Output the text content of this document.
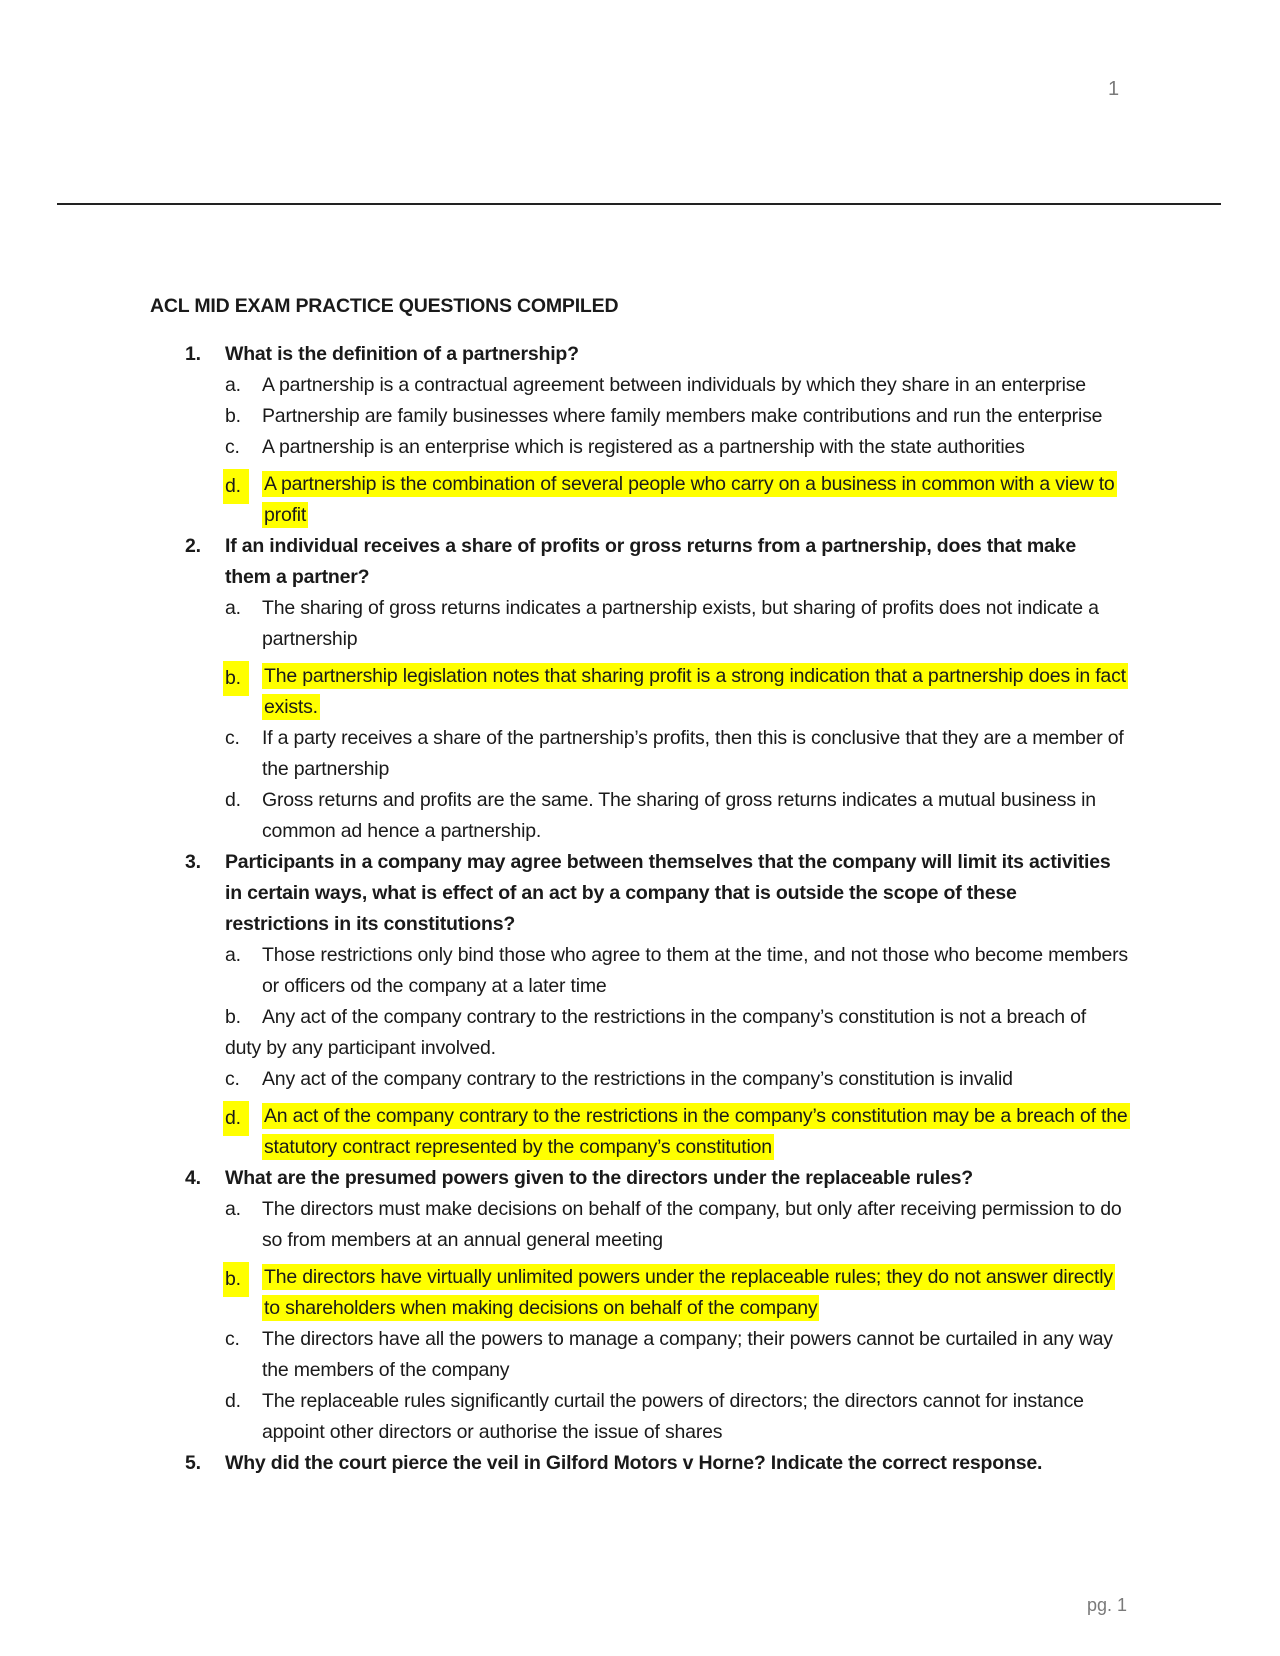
1
ACL MID EXAM PRACTICE QUESTIONS COMPILED
1. What is the definition of a partnership?
a. A partnership is a contractual agreement between individuals by which they share in an enterprise
b. Partnership are family businesses where family members make contributions and run the enterprise
c. A partnership is an enterprise which is registered as a partnership with the state authorities
d.	A partnership is the combination of several people who carry on a business in common with a view to profit
2. If an individual receives a share of profits or gross returns from a partnership, does that make them a partner?
a. The sharing of gross returns indicates a partnership exists, but sharing of profits does not indicate a partnership
b.	The partnership legislation notes that sharing profit is a strong indication that a partnership does in fact exists.
c. If a party receives a share of the partnership’s profits, then this is conclusive that they are a member of the partnership
d. Gross returns and profits are the same. The sharing of gross returns indicates a mutual business in common ad hence a partnership.
3. Participants in a company may agree between themselves that the company will limit its activities in certain ways, what is effect of an act by a company that is outside the scope of these restrictions in its constitutions?
a. Those restrictions only bind those who agree to them at the time, and not those who become members or officers od the company at a later time
b. Any act of the company contrary to the restrictions in the company’s constitution is not a breach of duty by any participant involved.
c. Any act of the company contrary to the restrictions in the company’s constitution is invalid
d.	An act of the company contrary to the restrictions in the company’s constitution may be a breach of the statutory contract represented by the company’s constitution
4. What are the presumed powers given to the directors under the replaceable rules?
a. The directors must make decisions on behalf of the company, but only after receiving permission to do so from members at an annual general meeting
b.	The directors have virtually unlimited powers under the replaceable rules; they do not answer directly to shareholders when making decisions on behalf of the company
c. The directors have all the powers to manage a company; their powers cannot be curtailed in any way the members of the company
d. The replaceable rules significantly curtail the powers of directors; the directors cannot for instance appoint other directors or authorise the issue of shares
5. Why did the court pierce the veil in Gilford Motors v Horne? Indicate the correct response.
pg. 1
